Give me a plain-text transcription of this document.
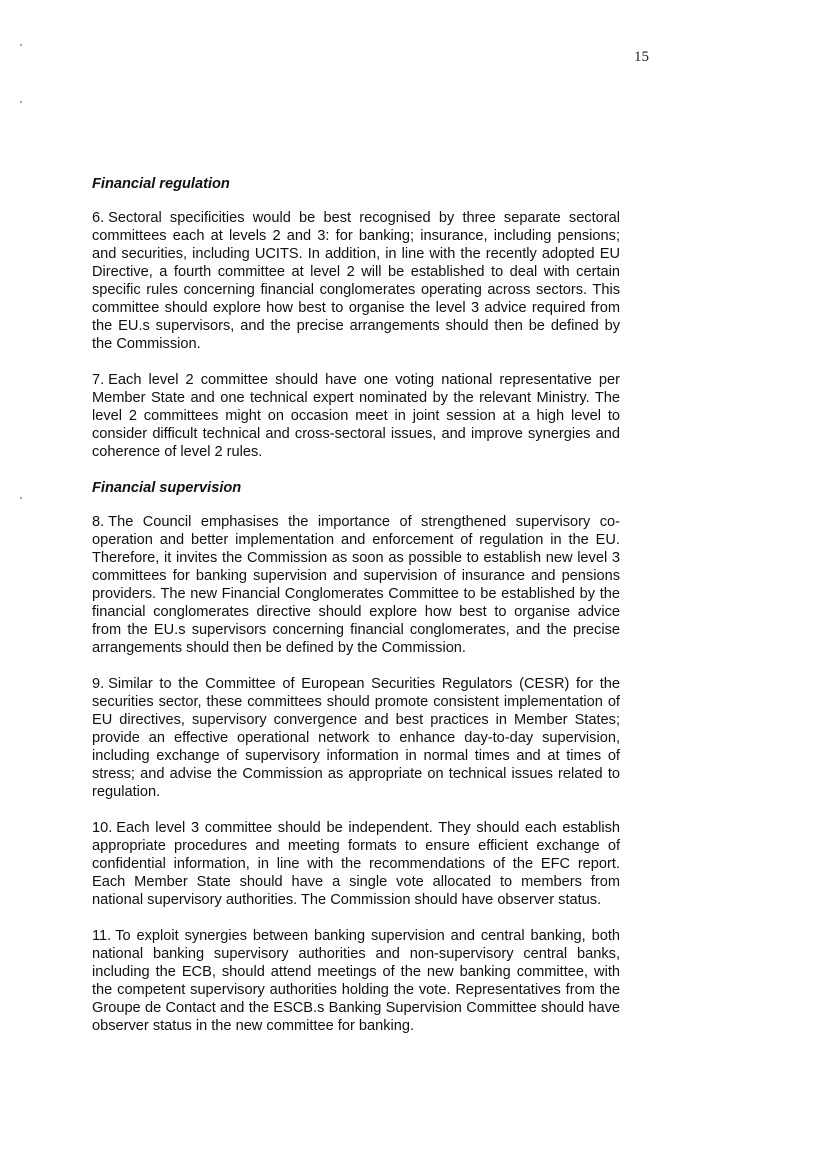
15
Financial regulation

6. Sectoral specificities would be best recognised by three separate sectoral committees each at levels 2 and 3: for banking; insurance, including pensions; and securities, including UCITS. In addition, in line with the recently adopted EU Directive, a fourth committee at level 2 will be established to deal with certain specific rules concerning financial conglomerates operating across sectors. This committee should explore how best to organise the level 3 advice required from the EU.s supervisors, and the precise arrangements should then be defined by the Commission.

7. Each level 2 committee should have one voting national representative per Member State and one technical expert nominated by the relevant Ministry. The level 2 committees might on occasion meet in joint session at a high level to consider difficult technical and cross-sectoral issues, and improve synergies and coherence of level 2 rules.

Financial supervision

8. The Council emphasises the importance of strengthened supervisory co-operation and better implementation and enforcement of regulation in the EU. Therefore, it invites the Commission as soon as possible to establish new level 3 committees for banking supervision and supervision of insurance and pensions providers. The new Financial Conglomerates Committee to be established by the financial conglomerates directive should explore how best to organise advice from the EU.s supervisors concerning financial conglomerates, and the precise arrangements should then be defined by the Commission.

9. Similar to the Committee of European Securities Regulators (CESR) for the securities sector, these committees should promote consistent implementation of EU directives, supervisory convergence and best practices in Member States; provide an effective operational network to enhance day-to-day supervision, including exchange of supervisory information in normal times and at times of stress; and advise the Commission as appropriate on technical issues related to regulation.

10. Each level 3 committee should be independent. They should each establish appropriate procedures and meeting formats to ensure efficient exchange of confidential information, in line with the recommendations of the EFC report. Each Member State should have a single vote allocated to members from national supervisory authorities. The Commission should have observer status.

11. To exploit synergies between banking supervision and central banking, both national banking supervisory authorities and non-supervisory central banks, including the ECB, should attend meetings of the new banking committee, with the competent supervisory authorities holding the vote. Representatives from the Groupe de Contact and the ESCB.s Banking Supervision Committee should have observer status in the new committee for banking.
